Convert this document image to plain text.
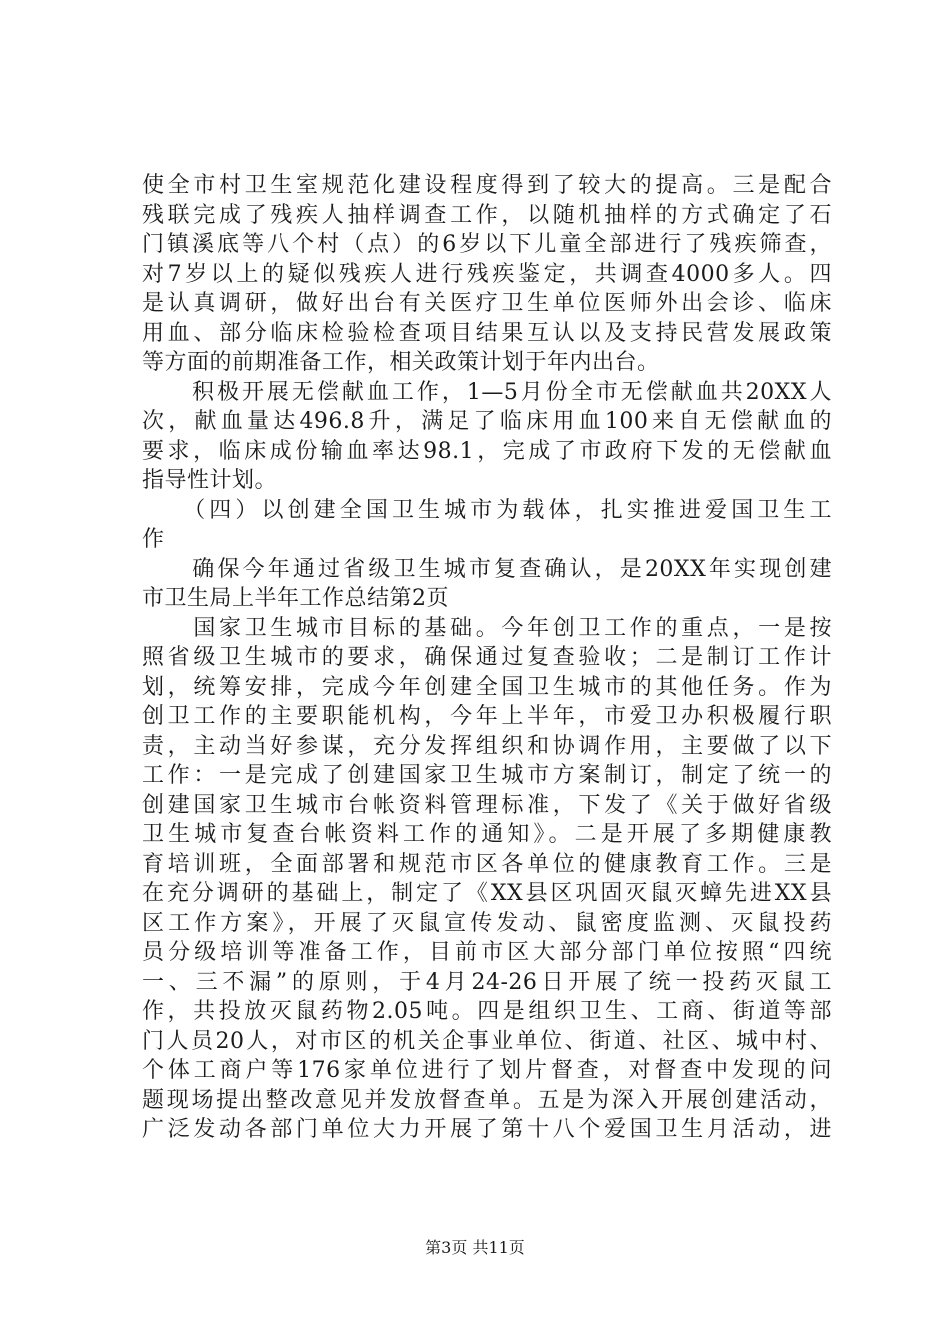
使全市村卫生室规范化建设程度得到了较大的提高。三是配合
残联完成了残疾人抽样调查工作，以随机抽样的方式确定了石
门镇溪底等八个村（点）的6岁以下儿童全部进行了残疾筛查，
对7岁以上的疑似残疾人进行残疾鉴定，共调查4000多人。四
是认真调研，做好出台有关医疗卫生单位医师外出会诊、临床
用血、部分临床检验检查项目结果互认以及支持民营发展政策
等方面的前期准备工作，相关政策计划于年内出台。
　　积极开展无偿献血工作，1—5月份全市无偿献血共20XX人
次，献血量达496.8升，满足了临床用血100来自无偿献血的
要求，临床成份输血率达98.1，完成了市政府下发的无偿献血
指导性计划。
　　（四）以创建全国卫生城市为载体，扎实推进爱国卫生工
作
　　确保今年通过省级卫生城市复查确认，是20XX年实现创建
市卫生局上半年工作总结第2页
　　国家卫生城市目标的基础。今年创卫工作的重点，一是按
照省级卫生城市的要求，确保通过复查验收；二是制订工作计
划，统筹安排，完成今年创建全国卫生城市的其他任务。作为
创卫工作的主要职能机构，今年上半年，市爱卫办积极履行职
责，主动当好参谋，充分发挥组织和协调作用，主要做了以下
工作：一是完成了创建国家卫生城市方案制订，制定了统一的
创建国家卫生城市台帐资料管理标准，下发了《关于做好省级
卫生城市复查台帐资料工作的通知》。二是开展了多期健康教
育培训班，全面部署和规范市区各单位的健康教育工作。三是
在充分调研的基础上，制定了《XX县区巩固灭鼠灭蟑先进XX县
区工作方案》，开展了灭鼠宣传发动、鼠密度监测、灭鼠投药
员分级培训等准备工作，目前市区大部分部门单位按照“四统
一、三不漏”的原则，于4月24-26日开展了统一投药灭鼠工
作，共投放灭鼠药物2.05吨。四是组织卫生、工商、街道等部
门人员20人，对市区的机关企事业单位、街道、社区、城中村、
个体工商户等176家单位进行了划片督查，对督查中发现的问
题现场提出整改意见并发放督查单。五是为深入开展创建活动，
广泛发动各部门单位大力开展了第十八个爱国卫生月活动，进
第3页 共11页
